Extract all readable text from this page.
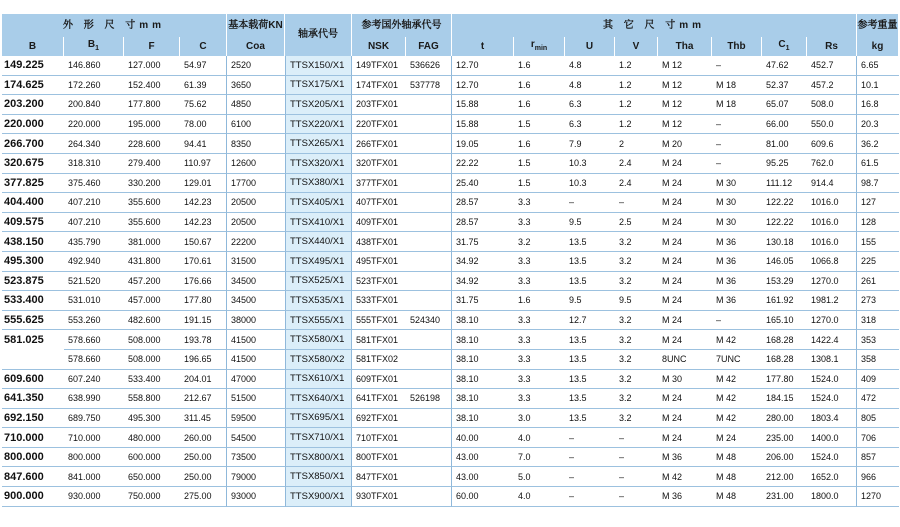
外 形 尺 寸mm				基本载荷KN	轴承代号	参考国外轴承代号		其 它 尺 寸mm								参考重量
B	$B_1$	F	C	Coa		NSK	FAG	t	$r_{min}$	U	V	Tha	Thb	$C_1$	Rs	kg
149.225	146.860	127.000	54.97	2520	TTSX150/X1	149TFX01	536626	12.70	1.6	4.8	1.2	M 12	–	47.62	452.7	6.65
174.625	172.260	152.400	61.39	3650	TTSX175/X1	174TFX01	537778	12.70	1.6	4.8	1.2	M 12	M 18	52.37	457.2	10.1
203.200	200.840	177.800	75.62	4850	TTSX205/X1	203TFX01		15.88	1.6	6.3	1.2	M 12	M 18	65.07	508.0	16.8
220.000	220.000	195.000	78.00	6100	TTSX220/X1	220TFX01		15.88	1.5	6.3	1.2	M 12	–	66.00	550.0	20.3
266.700	264.340	228.600	94.41	8350	TTSX265/X1	266TFX01		19.05	1.6	7.9	2	M 20	–	81.00	609.6	36.2
320.675	318.310	279.400	110.97	12600	TTSX320/X1	320TFX01		22.22	1.5	10.3	2.4	M 24	–	95.25	762.0	61.5
377.825	375.460	330.200	129.01	17700	TTSX380/X1	377TFX01		25.40	1.5	10.3	2.4	M 24	M 30	111.12	914.4	98.7
404.400	407.210	355.600	142.23	20500	TTSX405/X1	407TFX01		28.57	3.3	–	–	M 24	M 30	122.22	1016.0	127
409.575	407.210	355.600	142.23	20500	TTSX410/X1	409TFX01		28.57	3.3	9.5	2.5	M 24	M 30	122.22	1016.0	128
438.150	435.790	381.000	150.67	22200	TTSX440/X1	438TFX01		31.75	3.2	13.5	3.2	M 24	M 36	130.18	1016.0	155
495.300	492.940	431.800	170.61	31500	TTSX495/X1	495TFX01		34.92	3.3	13.5	3.2	M 24	M 36	146.05	1066.8	225
523.875	521.520	457.200	176.66	34500	TTSX525/X1	523TFX01		34.92	3.3	13.5	3.2	M 24	M 36	153.29	1270.0	261
533.400	531.010	457.000	177.80	34500	TTSX535/X1	533TFX01		31.75	1.6	9.5	9.5	M 24	M 36	161.92	1981.2	273
555.625	553.260	482.600	191.15	38000	TTSX555/X1	555TFX01	524340	38.10	3.3	12.7	3.2	M 24	–	165.10	1270.0	318
581.025	578.660	508.000	193.78	41500	TTSX580/X1	581TFX01		38.10	3.3	13.5	3.2	M 24	M 42	168.28	1422.4	353
	578.660	508.000	196.65	41500	TTSX580/X2	581TFX02		38.10	3.3	13.5	3.2	8UNC	7UNC	168.28	1308.1	358
609.600	607.240	533.400	204.01	47000	TTSX610/X1	609TFX01		38.10	3.3	13.5	3.2	M 30	M 42	177.80	1524.0	409
641.350	638.990	558.800	212.67	51500	TTSX640/X1	641TFX01	526198	38.10	3.3	13.5	3.2	M 24	M 42	184.15	1524.0	472
692.150	689.750	495.300	311.45	59500	TTSX695/X1	692TFX01		38.10	3.0	13.5	3.2	M 24	M 42	280.00	1803.4	805
710.000	710.000	480.000	260.00	54500	TTSX710/X1	710TFX01		40.00	4.0	–	–	M 24	M 24	235.00	1400.0	706
800.000	800.000	600.000	250.00	73500	TTSX800/X1	800TFX01		43.00	7.0	–	–	M 36	M 48	206.00	1524.0	857
847.600	841.000	650.000	250.00	79000	TTSX850/X1	847TFX01		43.00	5.0	–	–	M 42	M 48	212.00	1652.0	966
900.000	930.000	750.000	275.00	93000	TTSX900/X1	930TFX01		60.00	4.0	–	–	M 36	M 48	231.00	1800.0	1270
